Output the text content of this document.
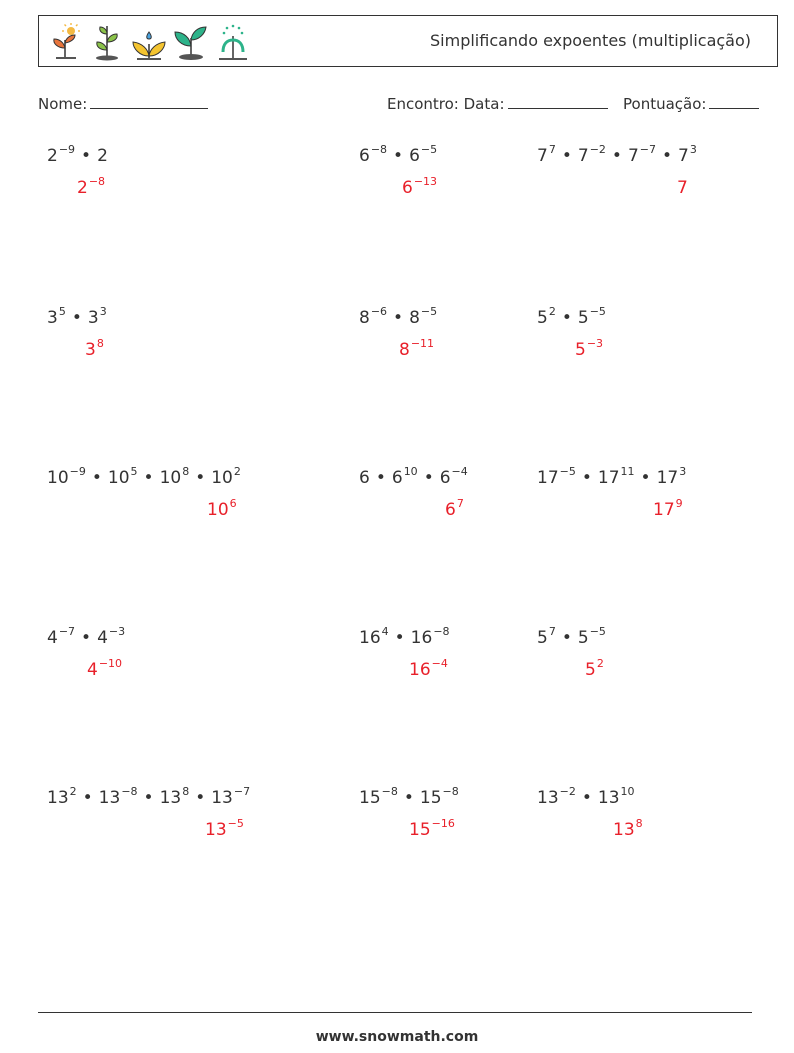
Simplificando expoentes (multiplicação)
Nome:	Encontro: Data:	Pontuação:
$2^{-9}$ • 2
$2^{-8}$
$6^{-8}$ • $6^{-5}$
$6^{-13}$
$7^7$ • $7^{-2}$ • $7^{-7}$ • $7^3$
7
$3^5$ • $3^3$
$3^8$
$8^{-6}$ • $8^{-5}$
$8^{-11}$
$5^2$ • $5^{-5}$
$5^{-3}$
$10^{-9}$ • $10^5$ • $10^8$ • $10^2$
$10^6$
6 • $6^{10}$ • $6^{-4}$
$6^7$
$17^{-5}$ • $17^{11}$ • $17^3$
$17^9$
$4^{-7}$ • $4^{-3}$
$4^{-10}$
$16^4$ • $16^{-8}$
$16^{-4}$
$5^7$ • $5^{-5}$
$5^2$
$13^2$ • $13^{-8}$ • $13^8$ • $13^{-7}$
$13^{-5}$
$15^{-8}$ • $15^{-8}$
$15^{-16}$
$13^{-2}$ • $13^{10}$
$13^8$
www.snowmath.com
